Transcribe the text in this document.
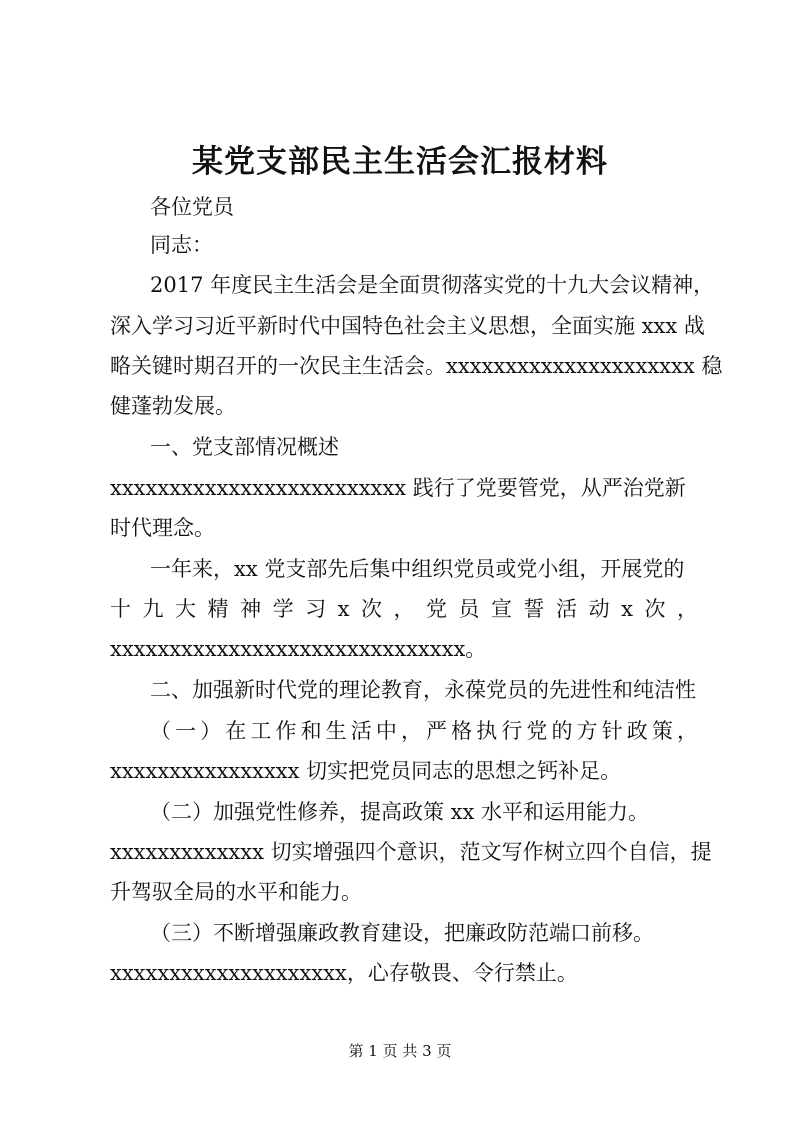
某党支部民主生活会汇报材料
各位党员
同志：
2017 年度民主生活会是全面贯彻落实党的十九大会议精神，
深入学习习近平新时代中国特色社会主义思想，全面实施 xxx 战
略关键时期召开的一次民主生活会。xxxxxxxxxxxxxxxxxxxxx 稳
健蓬勃发展。
一、党支部情况概述
xxxxxxxxxxxxxxxxxxxxxxxxx 践行了党要管党，从严治党新
时代理念。
一年来，xx 党支部先后集中组织党员或党小组，开展党的
十 九 大 精 神 学 习 x 次 ， 党 员 宣 誓 活 动 x 次 ，
xxxxxxxxxxxxxxxxxxxxxxxxxxxxxx。
二、加强新时代党的理论教育，永葆党员的先进性和纯洁性
（ 一 ） 在 工 作 和 生 活 中 ， 严 格 执 行 党 的 方 针 政 策 ，
xxxxxxxxxxxxxxxx 切实把党员同志的思想之钙补足。
（二）加强党性修养，提高政策 xx 水平和运用能力。
xxxxxxxxxxxxx 切实增强四个意识，范文写作树立四个自信，提
升驾驭全局的水平和能力。
（三）不断增强廉政教育建设，把廉政防范端口前移。
xxxxxxxxxxxxxxxxxxxx，心存敬畏、令行禁止。
第 1 页 共 3 页
